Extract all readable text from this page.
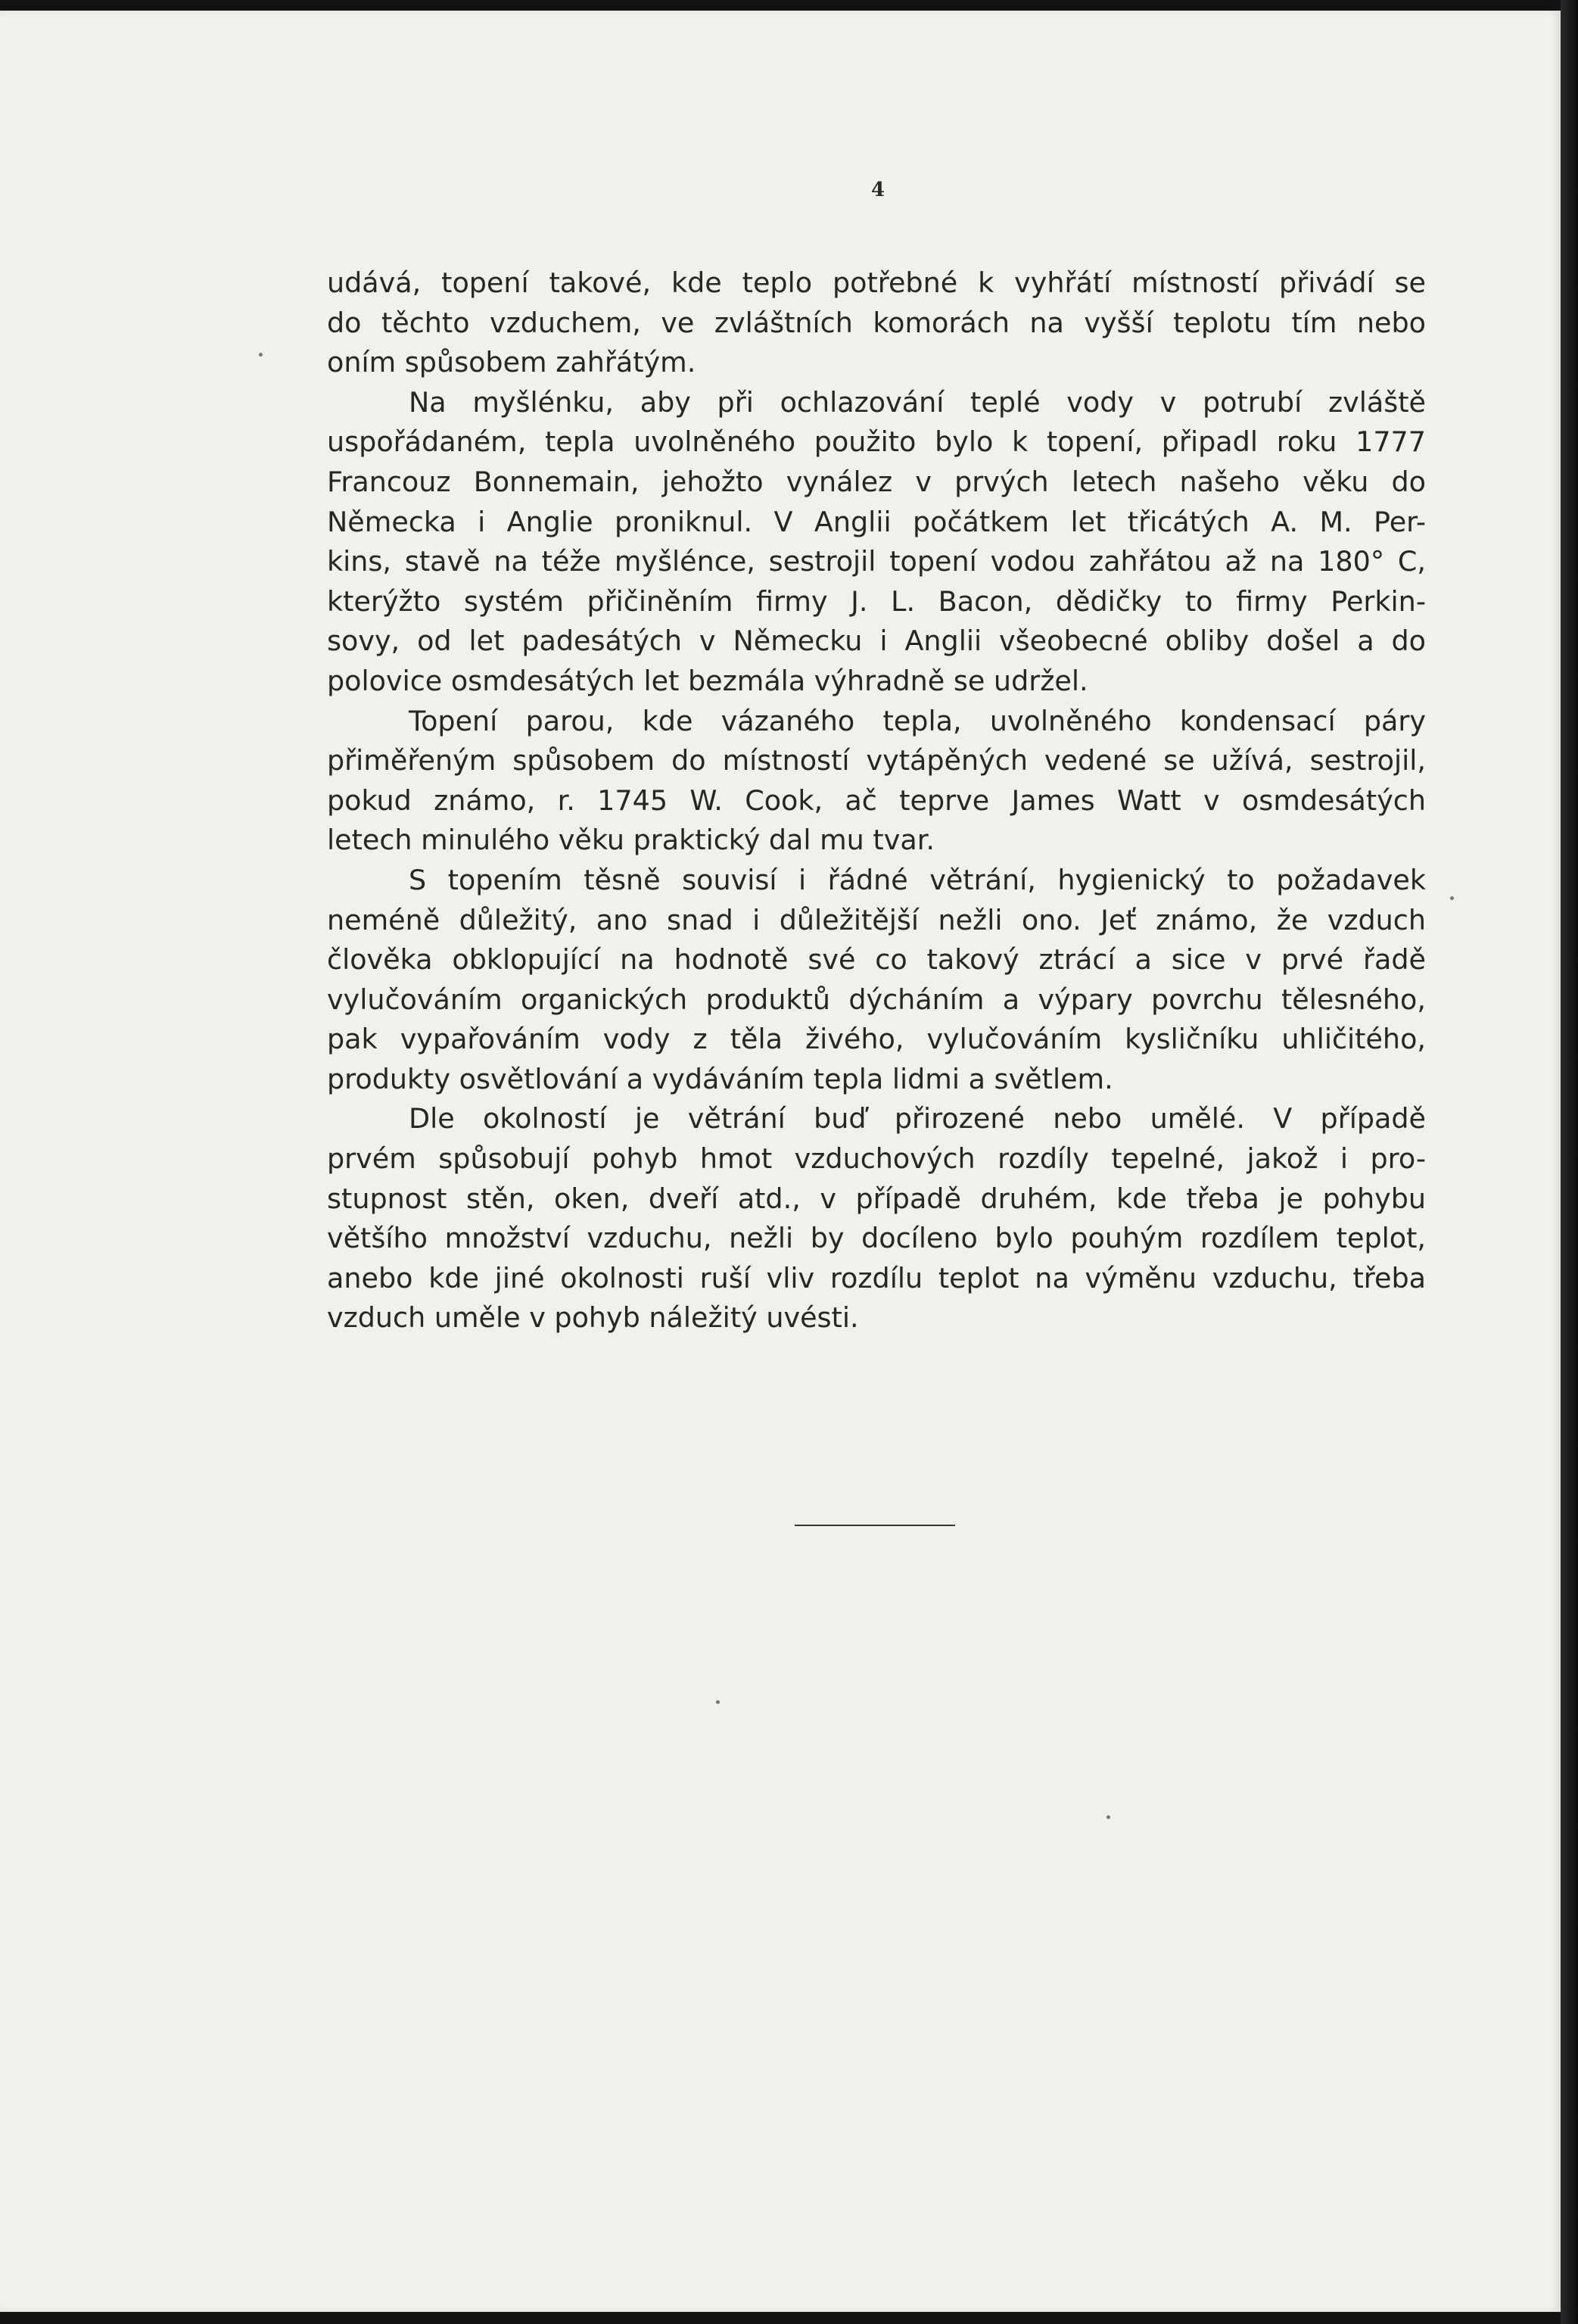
4
udává, topení takové, kde teplo potřebné k vyhřátí místností přivádí se
do těchto vzduchem, ve zvláštních komorách na vyšší teplotu tím nebo
oním spůsobem zahřátým.
Na myšlénku, aby při ochlazování teplé vody v potrubí zvláště
uspořádaném, tepla uvolněného použito bylo k topení, připadl roku 1777
Francouz Bonnemain, jehožto vynález v prvých letech našeho věku do
Německa i Anglie proniknul. V Anglii počátkem let třicátých A. M. Per-
kins, stavě na téže myšlénce, sestrojil topení vodou zahřátou až na 180° C,
kterýžto systém přičiněním firmy J. L. Bacon, dědičky to firmy Perkin-
sovy, od let padesátých v Německu i Anglii všeobecné obliby došel a do
polovice osmdesátých let bezmála výhradně se udržel.
Topení parou, kde vázaného tepla, uvolněného kondensací páry
přiměřeným spůsobem do místností vytápěných vedené se užívá, sestrojil,
pokud známo, r. 1745 W. Cook, ač teprve James Watt v osmdesátých
letech minulého věku praktický dal mu tvar.
S topením těsně souvisí i řádné větrání, hygienický to požadavek
neméně důležitý, ano snad i důležitější nežli ono. Jeť známo, že vzduch
člověka obklopující na hodnotě své co takový ztrácí a sice v prvé řadě
vylučováním organických produktů dýcháním a výpary povrchu tělesného,
pak vypařováním vody z těla živého, vylučováním kysličníku uhličitého,
produkty osvětlování a vydáváním tepla lidmi a světlem.
Dle okolností je větrání buď přirozené nebo umělé. V případě
prvém spůsobují pohyb hmot vzduchových rozdíly tepelné, jakož i pro-
stupnost stěn, oken, dveří atd., v případě druhém, kde třeba je pohybu
většího množství vzduchu, nežli by docíleno bylo pouhým rozdílem teplot,
anebo kde jiné okolnosti ruší vliv rozdílu teplot na výměnu vzduchu, třeba
vzduch uměle v pohyb náležitý uvésti.
